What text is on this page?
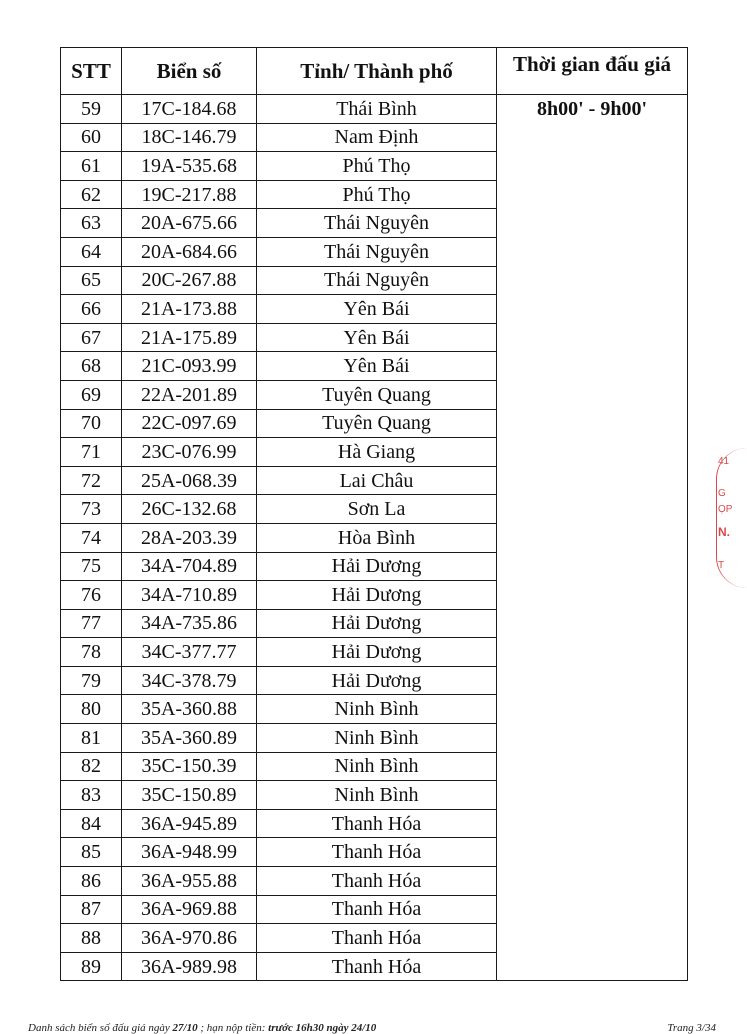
STT	Biển số	Tỉnh/ Thành phố	Thời gian đấu giá
59	17C-184.68	Thái Bình	8h00' - 9h00'
60	18C-146.79	Nam Định	
61	19A-535.68	Phú Thọ	
62	19C-217.88	Phú Thọ	
63	20A-675.66	Thái Nguyên	
64	20A-684.66	Thái Nguyên	
65	20C-267.88	Thái Nguyên	
66	21A-173.88	Yên Bái	
67	21A-175.89	Yên Bái	
68	21C-093.99	Yên Bái	
69	22A-201.89	Tuyên Quang	
70	22C-097.69	Tuyên Quang	
71	23C-076.99	Hà Giang	
72	25A-068.39	Lai Châu	
73	26C-132.68	Sơn La	
74	28A-203.39	Hòa Bình	
75	34A-704.89	Hải Dương	
76	34A-710.89	Hải Dương	
77	34A-735.86	Hải Dương	
78	34C-377.77	Hải Dương	
79	34C-378.79	Hải Dương	
80	35A-360.88	Ninh Bình	
81	35A-360.89	Ninh Bình	
82	35C-150.39	Ninh Bình	
83	35C-150.89	Ninh Bình	
84	36A-945.89	Thanh Hóa	
85	36A-948.99	Thanh Hóa	
86	36A-955.88	Thanh Hóa	
87	36A-969.88	Thanh Hóa	
88	36A-970.86	Thanh Hóa	
89	36A-989.98	Thanh Hóa	
Danh sách biển số đấu giá ngày 27/10 ; hạn nộp tiền: trước 16h30 ngày 24/10	Trang 3/34
41
G
ỌP
N.
T
